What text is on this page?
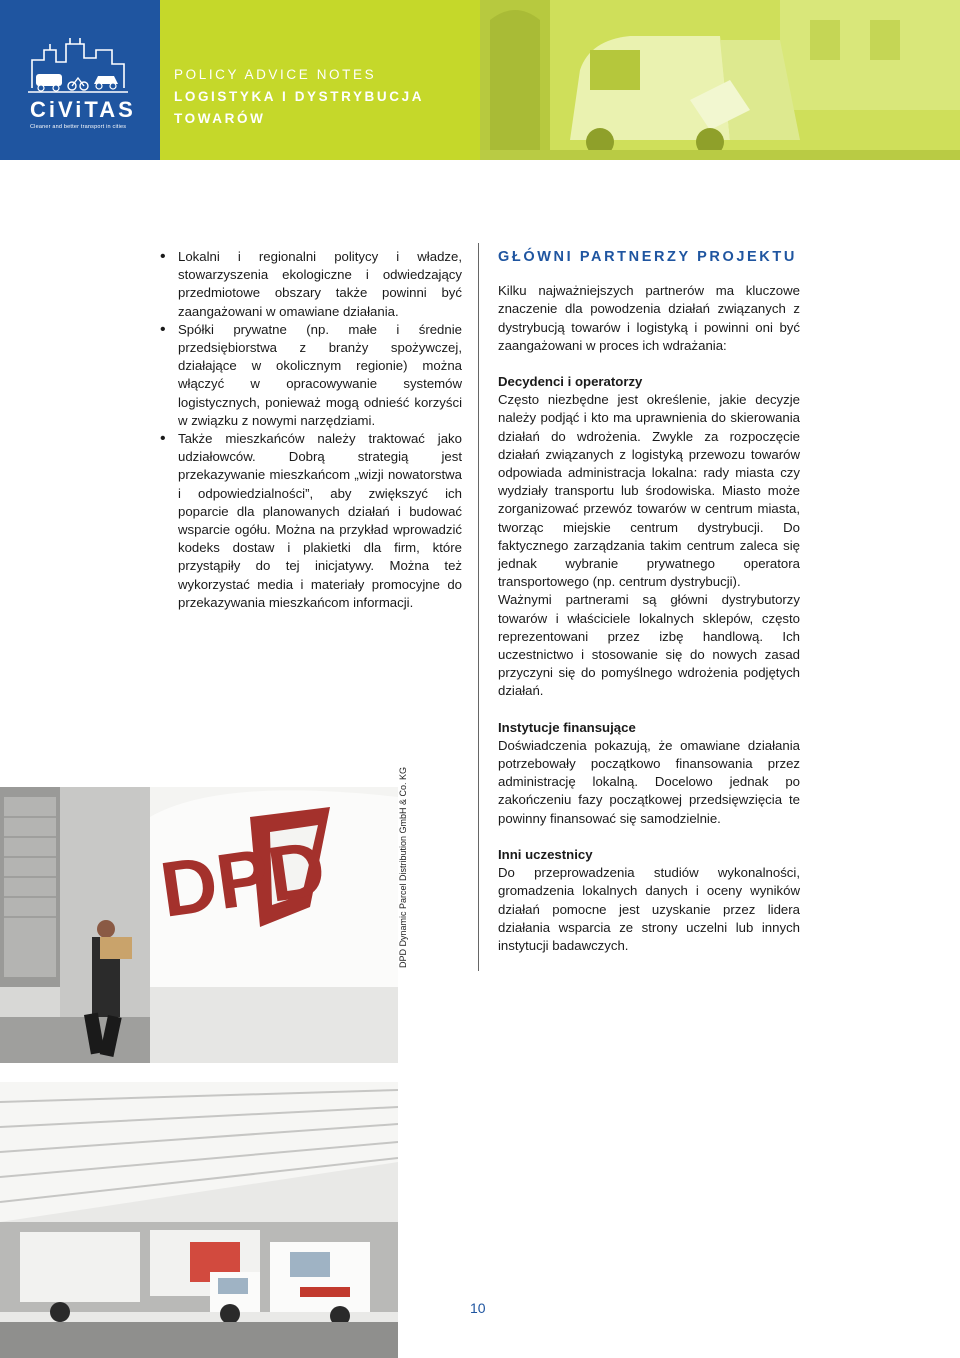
CiViTAS
Cleaner and better transport in cities
POLICY ADVICE NOTES
LOGISTYKA I DYSTRYBUCJA
TOWARÓW
• Lokalni i regionalni politycy i władze, stowarzyszenia ekologiczne i odwiedzający przedmiotowe obszary także powinni być zaangażowani w omawiane działania.
• Spółki prywatne (np. małe i średnie przedsiębiorstwa z branży spożywczej, działające w okolicznym regionie) można włączyć w opracowywanie systemów logistycznych, ponieważ mogą odnieść korzyści w związku z nowymi narzędziami.
• Także mieszkańców należy traktować jako udziałowców. Dobrą strategią jest przekazywanie mieszkańcom „wizji nowatorstwa i odpowiedzialności”, aby zwiększyć ich poparcie dla planowanych działań i budować wsparcie ogółu. Można na przykład wprowadzić kodeks dostaw i plakietki dla firm, które przystąpiły do tej inicjatywy. Można też wykorzystać media i materiały promocyjne do przekazywania mieszkańcom informacji.
GŁÓWNI PARTNERZY PROJEKTU

Kilku najważniejszych partnerów ma kluczowe znaczenie dla powodzenia działań związanych z dystrybucją towarów i logistyką i powinni oni być zaangażowani w proces ich wdrażania:

Decydenci i operatorzy

Często niezbędne jest określenie, jakie decyzje należy podjąć i kto ma uprawnienia do skierowania działań do wdrożenia. Zwykle za rozpoczęcie działań związanych z logistyką przewozu towarów odpowiada administracja lokalna: rady miasta czy wydziały transportu lub środowiska. Miasto może zorganizować przewóz towarów w centrum miasta, tworząc miejskie centrum dystrybucji. Do faktycznego zarządzania takim centrum zaleca się jednak wybranie prywatnego operatora transportowego (np. centrum dystrybucji).

Ważnymi partnerami są główni dystrybutorzy towarów i właściciele lokalnych sklepów, często reprezentowani przez izbę handlową. Ich uczestnictwo i stosowanie się do nowych zasad przyczyni się do pomyślnego wdrożenia podjętych działań.

Instytucje finansujące

Doświadczenia pokazują, że omawiane działania potrzebowały początkowo finansowania przez administrację lokalną. Docelowo jednak po zakończeniu fazy początkowej przedsięwzięcia te powinny finansować się samodzielnie.

Inni uczestnicy

Do przeprowadzenia studiów wykonalności, gromadzenia lokalnych danych i oceny wyników działań pomocne jest uzyskanie przez lidera działania wsparcia ze strony uczelni lub innych instytucji badawczych.

DPD	DPD Dynamic Parcel Distribution GmbH & Co. KG
10
